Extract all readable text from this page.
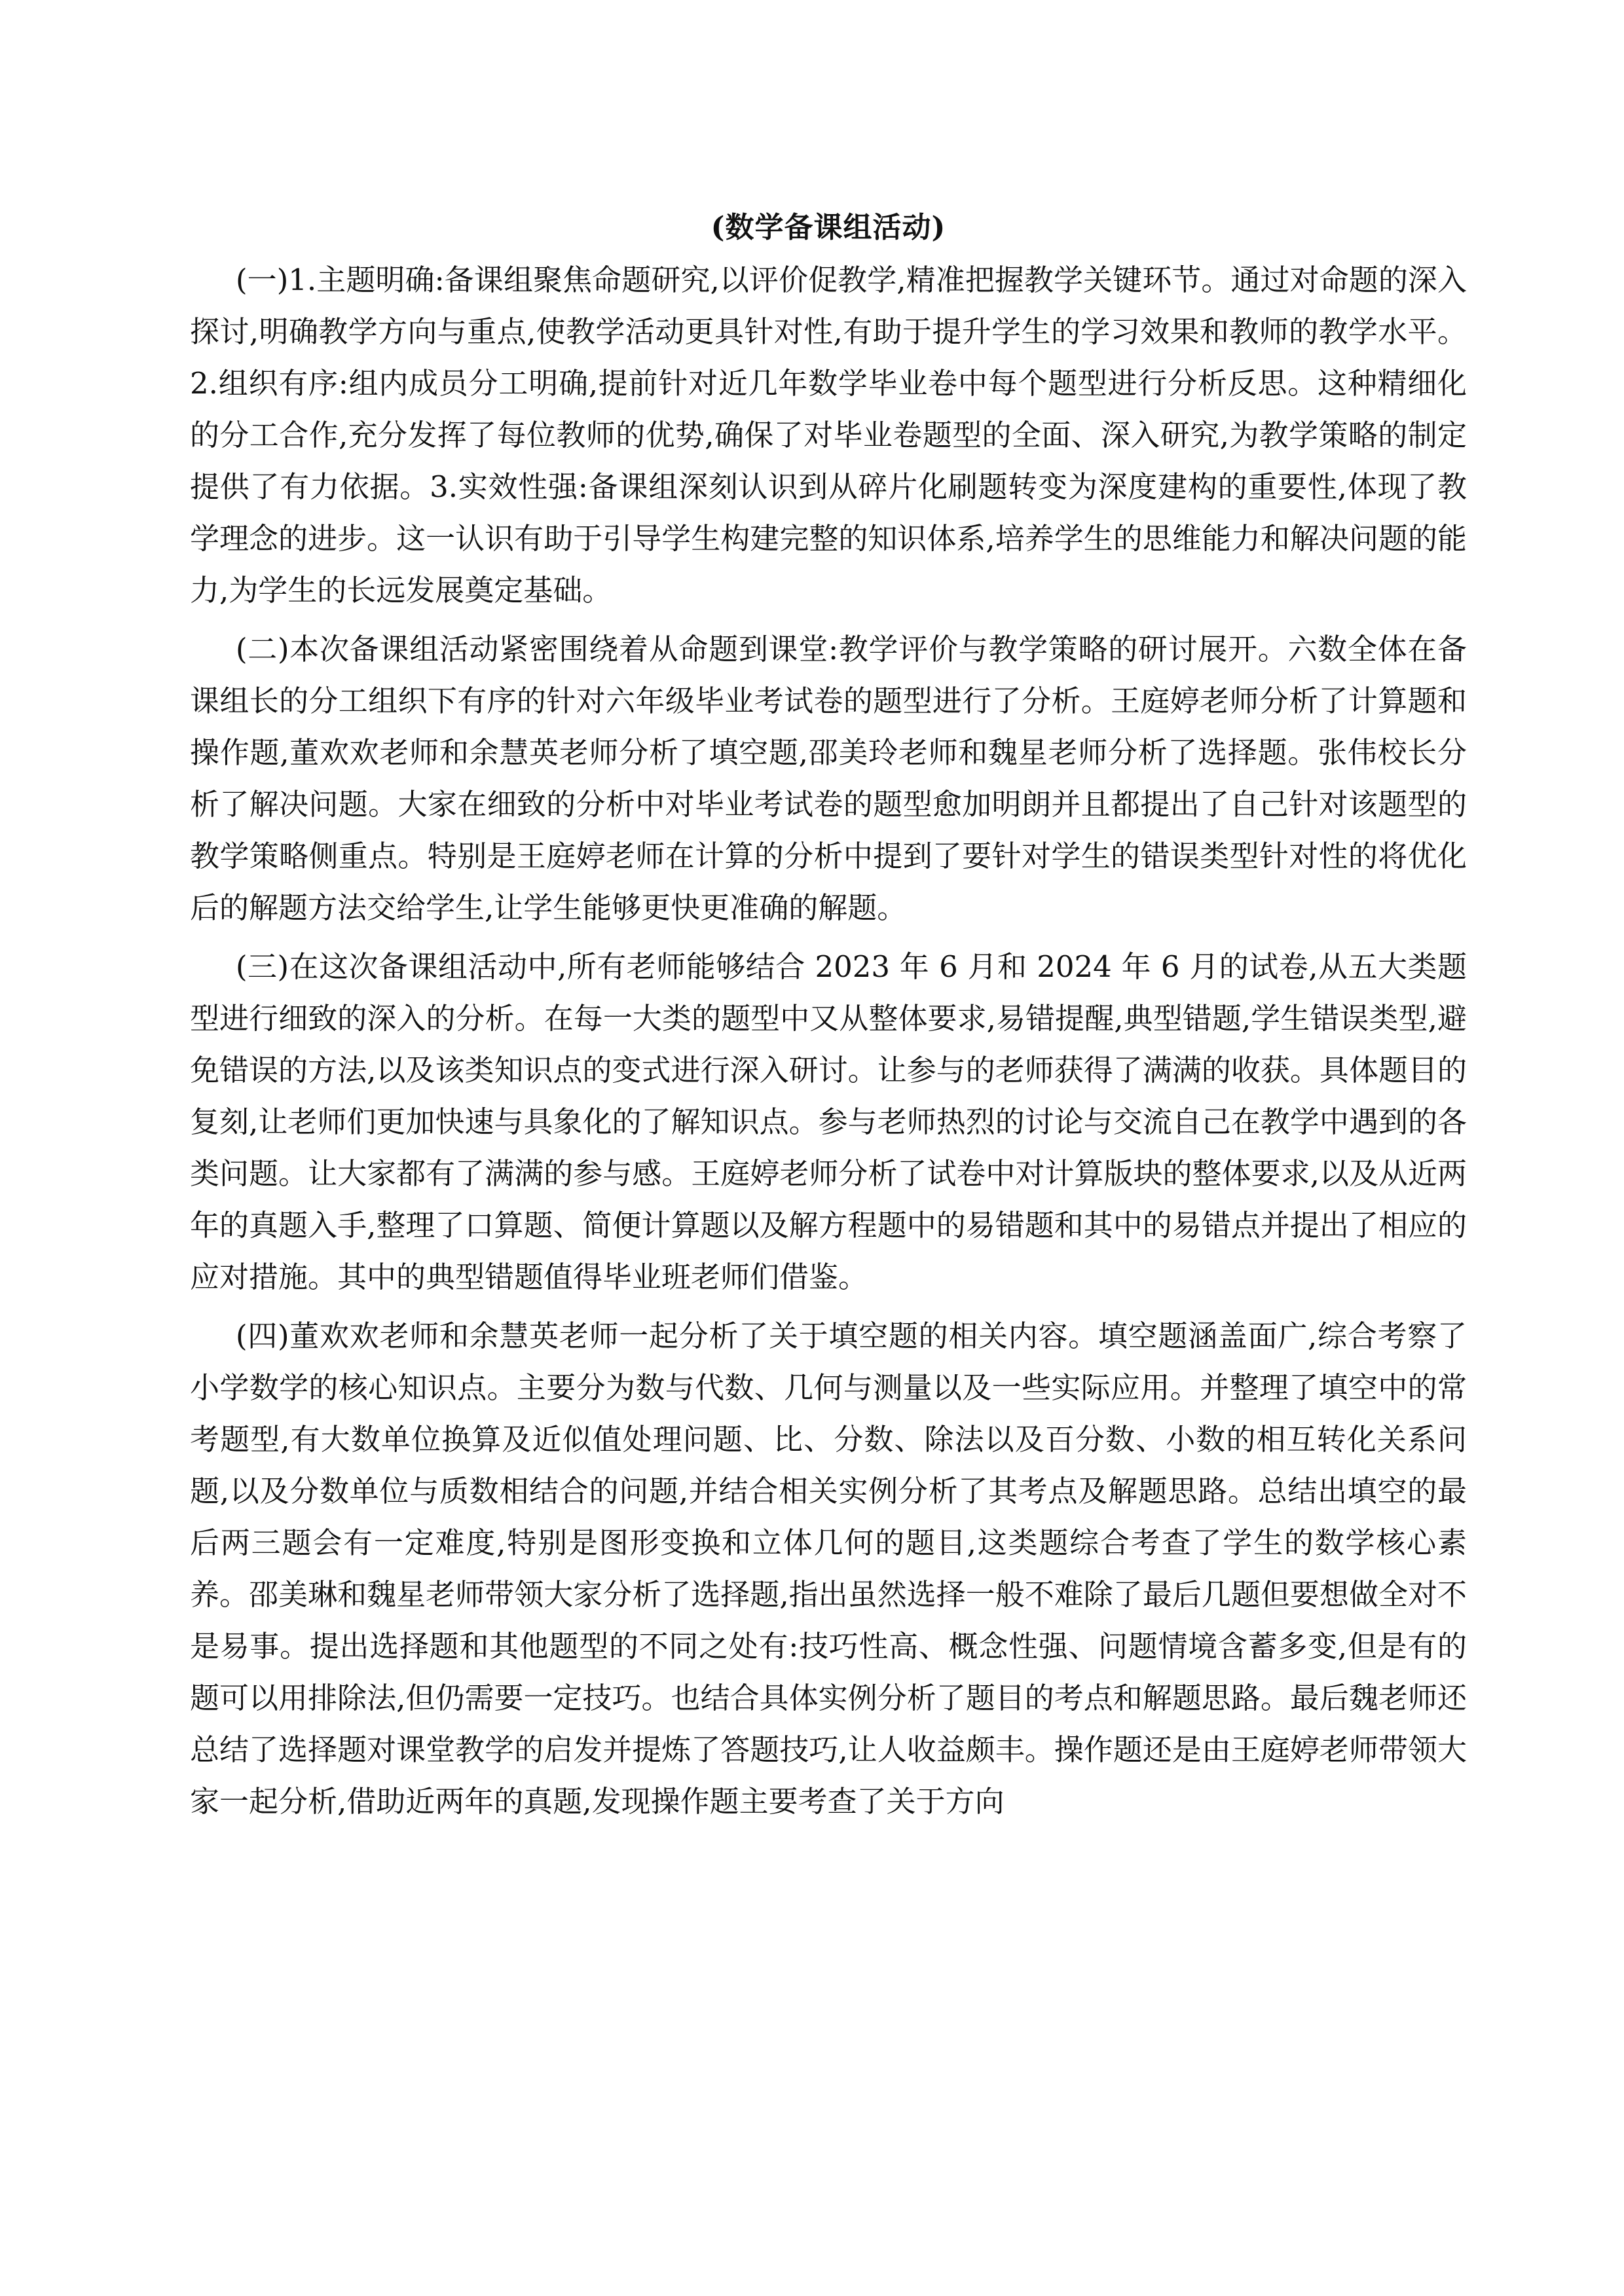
(数学备课组活动)

(一)1.主题明确:备课组聚焦命题研究,以评价促教学,精准把握教学关键环节。通过对命题的深入探讨,明确教学方向与重点,使教学活动更具针对性,有助于提升学生的学习效果和教师的教学水平。2.组织有序:组内成员分工明确,提前针对近几年数学毕业卷中每个题型进行分析反思。这种精细化的分工合作,充分发挥了每位教师的优势,确保了对毕业卷题型的全面、深入研究,为教学策略的制定提供了有力依据。3.实效性强:备课组深刻认识到从碎片化刷题转变为深度建构的重要性,体现了教学理念的进步。这一认识有助于引导学生构建完整的知识体系,培养学生的思维能力和解决问题的能力,为学生的长远发展奠定基础。

(二)本次备课组活动紧密围绕着从命题到课堂:教学评价与教学策略的研讨展开。六数全体在备课组长的分工组织下有序的针对六年级毕业考试卷的题型进行了分析。王庭婷老师分析了计算题和操作题,董欢欢老师和余慧英老师分析了填空题,邵美玲老师和魏星老师分析了选择题。张伟校长分析了解决问题。大家在细致的分析中对毕业考试卷的题型愈加明朗并且都提出了自己针对该题型的教学策略侧重点。特别是王庭婷老师在计算的分析中提到了要针对学生的错误类型针对性的将优化后的解题方法交给学生,让学生能够更快更准确的解题。

(三)在这次备课组活动中,所有老师能够结合 2023 年 6 月和 2024 年 6 月的试卷,从五大类题型进行细致的深入的分析。在每一大类的题型中又从整体要求,易错提醒,典型错题,学生错误类型,避免错误的方法,以及该类知识点的变式进行深入研讨。让参与的老师获得了满满的收获。具体题目的复刻,让老师们更加快速与具象化的了解知识点。参与老师热烈的讨论与交流自己在教学中遇到的各类问题。让大家都有了满满的参与感。王庭婷老师分析了试卷中对计算版块的整体要求,以及从近两年的真题入手,整理了口算题、简便计算题以及解方程题中的易错题和其中的易错点并提出了相应的应对措施。其中的典型错题值得毕业班老师们借鉴。

(四)董欢欢老师和余慧英老师一起分析了关于填空题的相关内容。填空题涵盖面广,综合考察了小学数学的核心知识点。主要分为数与代数、几何与测量以及一些实际应用。并整理了填空中的常考题型,有大数单位换算及近似值处理问题、比、分数、除法以及百分数、小数的相互转化关系问题,以及分数单位与质数相结合的问题,并结合相关实例分析了其考点及解题思路。总结出填空的最后两三题会有一定难度,特别是图形变换和立体几何的题目,这类题综合考查了学生的数学核心素养。邵美琳和魏星老师带领大家分析了选择题,指出虽然选择一般不难除了最后几题但要想做全对不是易事。提出选择题和其他题型的不同之处有:技巧性高、概念性强、问题情境含蓄多变,但是有的题可以用排除法,但仍需要一定技巧。也结合具体实例分析了题目的考点和解题思路。最后魏老师还总结了选择题对课堂教学的启发并提炼了答题技巧,让人收益颇丰。操作题还是由王庭婷老师带领大家一起分析,借助近两年的真题,发现操作题主要考查了关于方向
